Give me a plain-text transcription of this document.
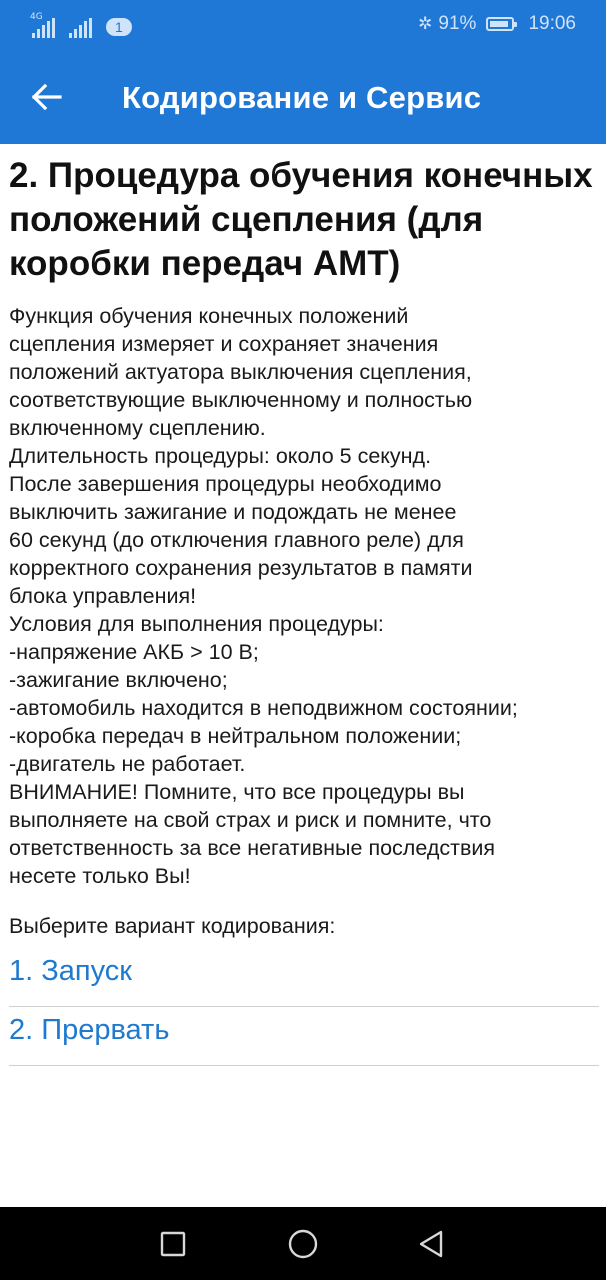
4G
1	✲ 91%	19:06
Кодирование и Сервис
2. Процедура обучения конечных положений сцепления (для коробки передач AMT)
Функция обучения конечных положений
сцепления измеряет и сохраняет значения
положений актуатора выключения сцепления,
соответствующие выключенному и полностью
включенному сцеплению.
Длительность процедуры: около 5 секунд.
После завершения процедуры необходимо
выключить зажигание и подождать не менее
60 секунд (до отключения главного реле) для
корректного сохранения результатов в памяти
блока управления!
Условия для выполнения процедуры:
-напряжение АКБ > 10 В;
-зажигание включено;
-автомобиль находится в неподвижном состоянии;
-коробка передач в нейтральном положении;
-двигатель не работает.
ВНИМАНИЕ! Помните, что все процедуры вы
выполняете на свой страх и риск и помните, что
ответственность за все негативные последствия
несете только Вы!
Выберите вариант кодирования:
1. Запуск
2. Прервать
